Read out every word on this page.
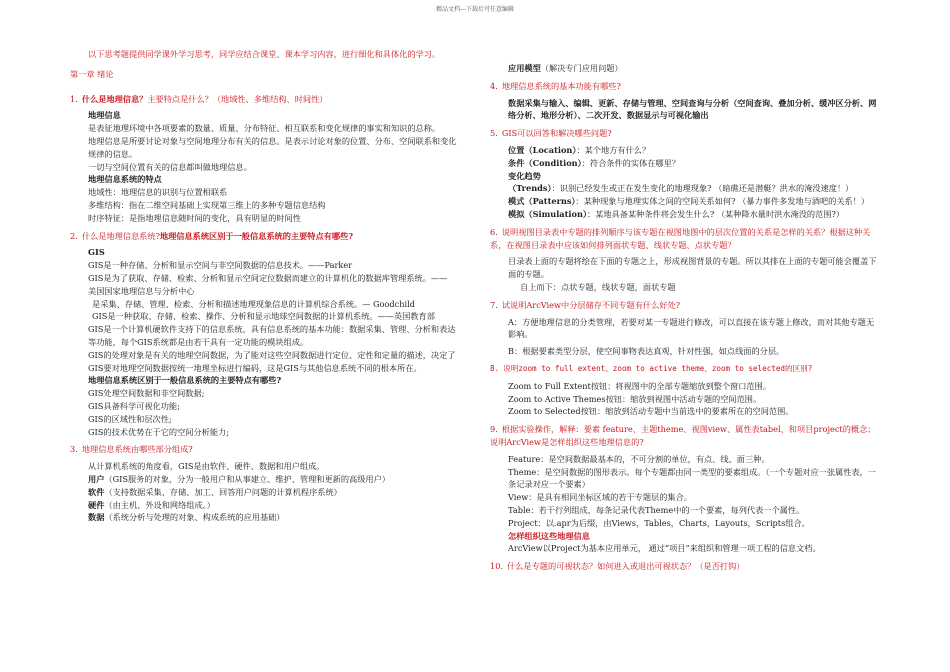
精品文档---下载后可任意编辑

以下思考题提供同学课外学习思考，同学应结合课堂、课本学习内容，进行细化和具体化的学习。

第一章 绪论

1. 什么是地理信息？主要特点是什么？（地域性、多维结构、时间性）

地理信息

是表征地理环境中各项要素的数量、质量、分布特征、相互联系和变化规律的事实和知识的总称。

地理信息是所要讨论对象与空间地理分布有关的信息。是表示讨论对象的位置、分布、空间联系和变化规律的信息。

一切与空间位置有关的信息都叫做地理信息。

地理信息系统的特点

地域性：地理信息的识别与位置相联系

多维结构：指在二维空间基础上实现第三维上的多种专题信息结构

时序特征：是指地理信息随时间的变化，具有明显的时间性

2. 什么是地理信息系统?地理信息系统区别于一般信息系统的主要特点有哪些?

GIS

GIS是一种存储、分析和显示空间与非空间数据的信息技术。——Parker

GIS是为了获取、存储、检索、分析和显示空间定位数据而建立的计算机化的数据库管理系统。—— 美国国家地理信息与分析中心

是采集、存储、管理、检索、分析和描述地理现象信息的计算机综合系统。— Goodchild

GIS是一种获取、存储、检索、操作、分析和显示地球空间数据的计算机系统。——英国教育部

GIS是一个计算机硬软件支持下的信息系统，具有信息系统的基本功能：数据采集、管理、分析和表达等功能，每个GIS系统都是由若干具有一定功能的模块组成。

GIS的处理对象是有关的地理空间数据，为了能对这些空间数据进行定位、定性和定量的描述，决定了GIS要对地理空间数据按统一地理坐标进行编码，这是GIS与其他信息系统不同的根本所在。

地理信息系统区别于一般信息系统的主要特点有哪些?

GIS处理空间数据和非空间数据;

GIS具备科学可视化功能;

GIS的区域性和层次性;

GIS的技术优势在于它的空间分析能力;

3. 地理信息系统由哪些部分组成?

从计算机系统的角度看，GIS是由软件、硬件、数据和用户组成。

用户（GIS服务的对象，分为一般用户和从事建立、维护、管理和更新的高级用户）

软件（支持数据采集、存储、加工、回答用户问题的计算机程序系统）

硬件（由主机、外设和网络组成。）

数据（系统分析与处理的对象、构成系统的应用基础）

应用模型（解决专门应用问题）

4. 地理信息系统的基本功能有哪些?

数据采集与输入、编辑、更新、存储与管理、空间查询与分析（空间查询、叠加分析、缓冲区分析、网络分析、地形分析）、二次开发、数据显示与可视化输出

5. GIS可以回答和解决哪些问题?

位置（Location）：某个地方有什么？

条件（Condition）：符合条件的实体在哪里？

变化趋势（Trends）：识别已经发生或正在发生变化的地理现象? （暗礁还是潜艇？洪水的淹没速度！）

模式（Patterns）：某种现象与地理实体之间的空间关系如何? （暴力事件多发地与酒吧的关系！）

模拟（Simulation）：某地具备某种条件将会发生什么? （某种降水量时洪水淹没的范围?）

6. 说明视图目录表中专题的排列顺序与该专题在视图地图中的层次位置的关系是怎样的关系？根据这种关系，在视图目录表中应该如何排列面状专题、线状专题、点状专题？

目录表上面的专题将绘在下面的专题之上，形成视图背景的专题。所以其排在上面的专题可能会覆盖下面的专题。

自上而下：点状专题，线状专题，面状专题

7. 试说明ArcView中分层储存不同专题有什么好处?

A：方便地理信息的分类管理，若要对某一专题进行修改，可以直接在该专题上修改，而对其他专题无影响。

B：根据要素类型分层，使空间事物表达真观，针对性强，如点线面的分层。

8. 说明zoom to full extent、zoom to active theme、zoom to selected的区别?

Zoom to Full Extent按钮：将视图中的全部专题缩放到整个窗口范围。

Zoom to Active Themes按钮：缩放到视图中活动专题的空间范围。

Zoom to Selected按钮：缩放到活动专题中当前选中的要素所在的空间范围。

9. 根据实验操作，解释：要素 feature、主题theme、视图view、属性表tabel、和项目project的概念；说明ArcView是怎样组织这些地理信息的?

Feature：是空间数据最基本的，不可分割的单位，有点、线、面三种。

Theme：是空间数据的图形表示。每个专题都由同一类型的要素组成。（一个专题对应一张属性表，一条记录对应一个要素）

View：是具有相同坐标区域的若干专题层的集合。

Table：若干行列组成，每条记录代表Theme中的一个要素，每列代表一个属性。

Project：以.apr为后缀，由Views，Tables，Charts，Layouts，Scripts组合。

怎样组织这些地理信息

ArcView以Project为基本应用单元， 通过“项目”来组织和管理一项工程的信息文档。

10. 什么是专题的可视状态？如何进入或退出可视状态？（是否打钩）
